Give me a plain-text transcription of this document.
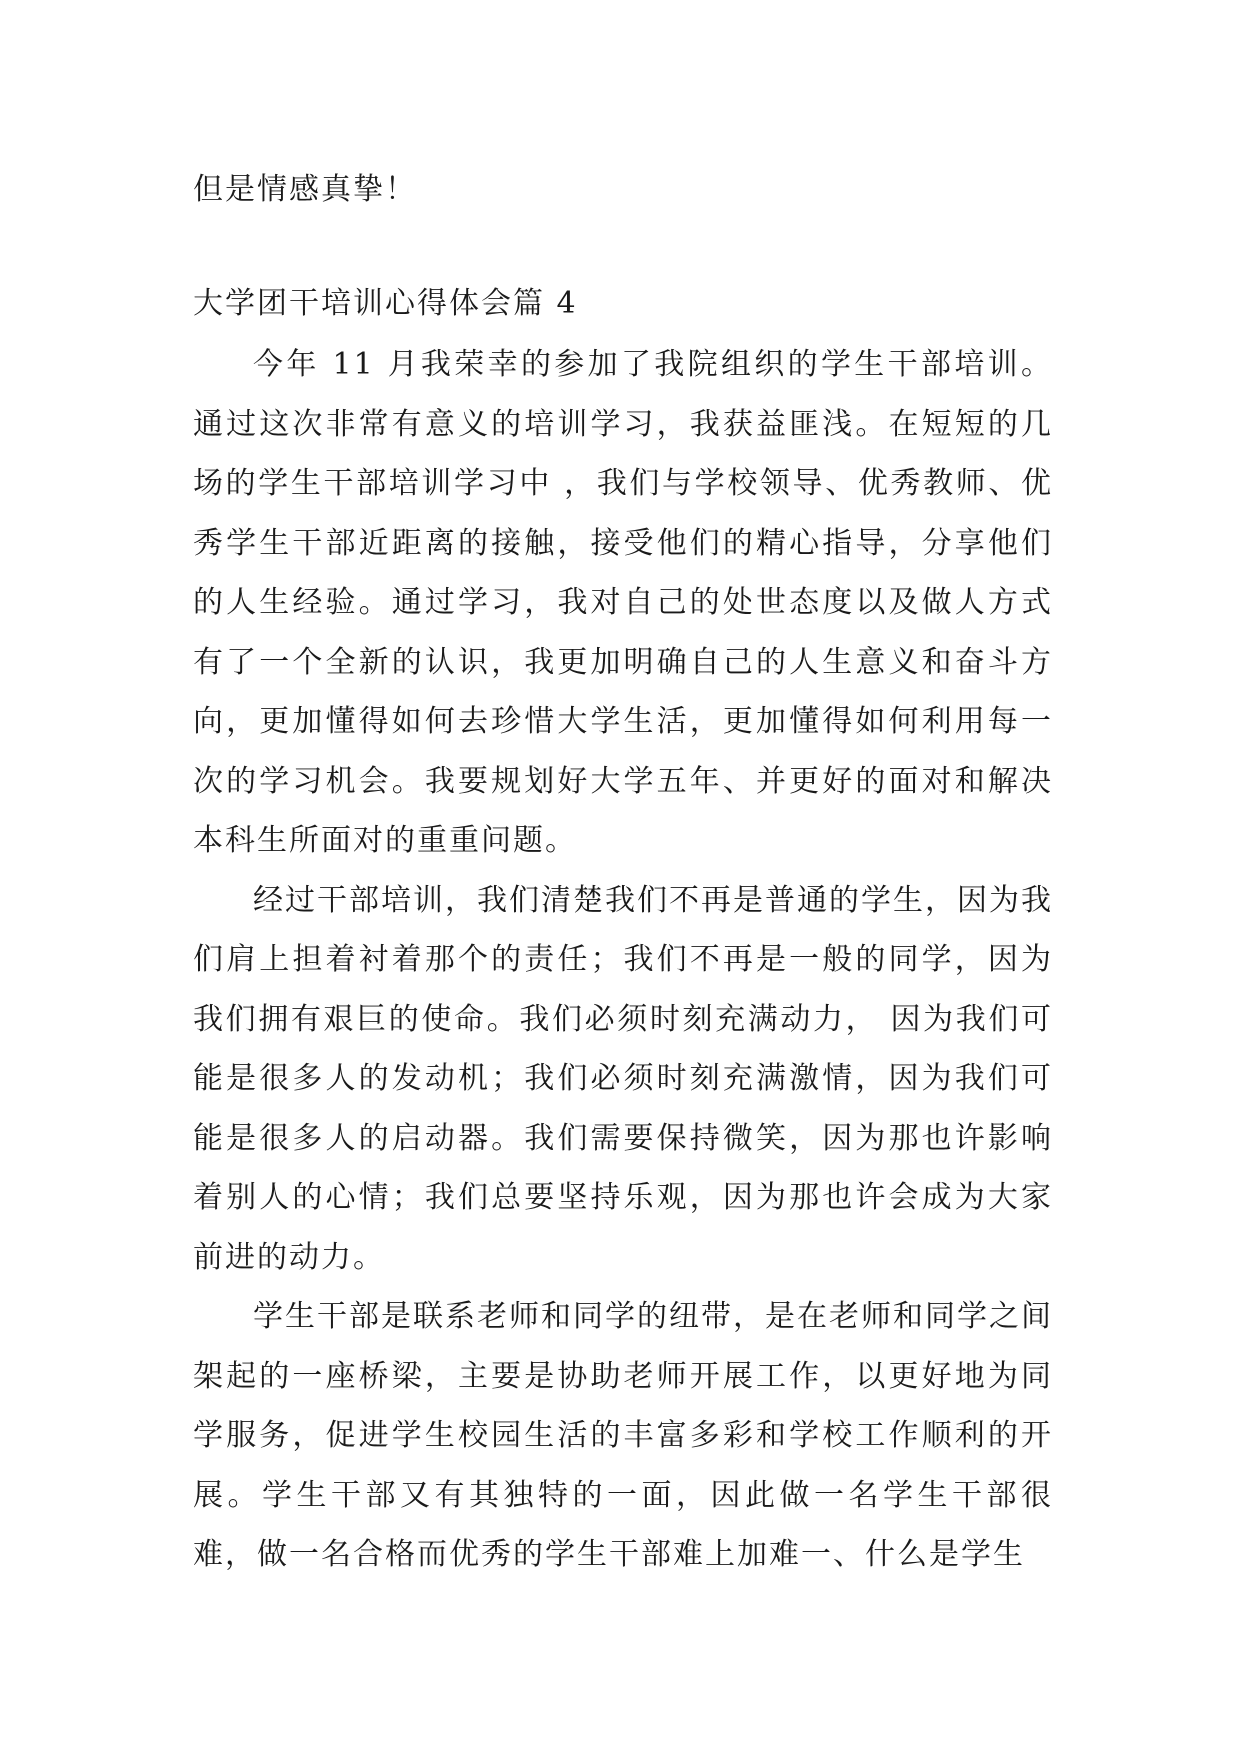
但是情感真挚！
大学团干培训心得体会篇 4

今年 11 月我荣幸的参加了我院组织的学生干部培训。通过这次非常有意义的培训学习，我获益匪浅。在短短的几场的学生干部培训学习中 ，我们与学校领导、优秀教师、优秀学生干部近距离的接触，接受他们的精心指导，分享他们的人生经验。通过学习，我对自己的处世态度以及做人方式有了一个全新的认识，我更加明确自己的人生意义和奋斗方向，更加懂得如何去珍惜大学生活，更加懂得如何利用每一次的学习机会。我要规划好大学五年、并更好的面对和解决本科生所面对的重重问题。

经过干部培训，我们清楚我们不再是普通的学生，因为我们肩上担着衬着那个的责任；我们不再是一般的同学，因为我们拥有艰巨的使命。我们必须时刻充满动力， 因为我们可能是很多人的发动机；我们必须时刻充满激情，因为我们可能是很多人的启动器。我们需要保持微笑，因为那也许影响着别人的心情；我们总要坚持乐观，因为那也许会成为大家前进的动力。

学生干部是联系老师和同学的纽带，是在老师和同学之间架起的一座桥梁，主要是协助老师开展工作，以更好地为同学服务，促进学生校园生活的丰富多彩和学校工作顺利的开展。学生干部又有其独特的一面，因此做一名学生干部很难，做一名合格而优秀的学生干部难上加难一、什么是学生
